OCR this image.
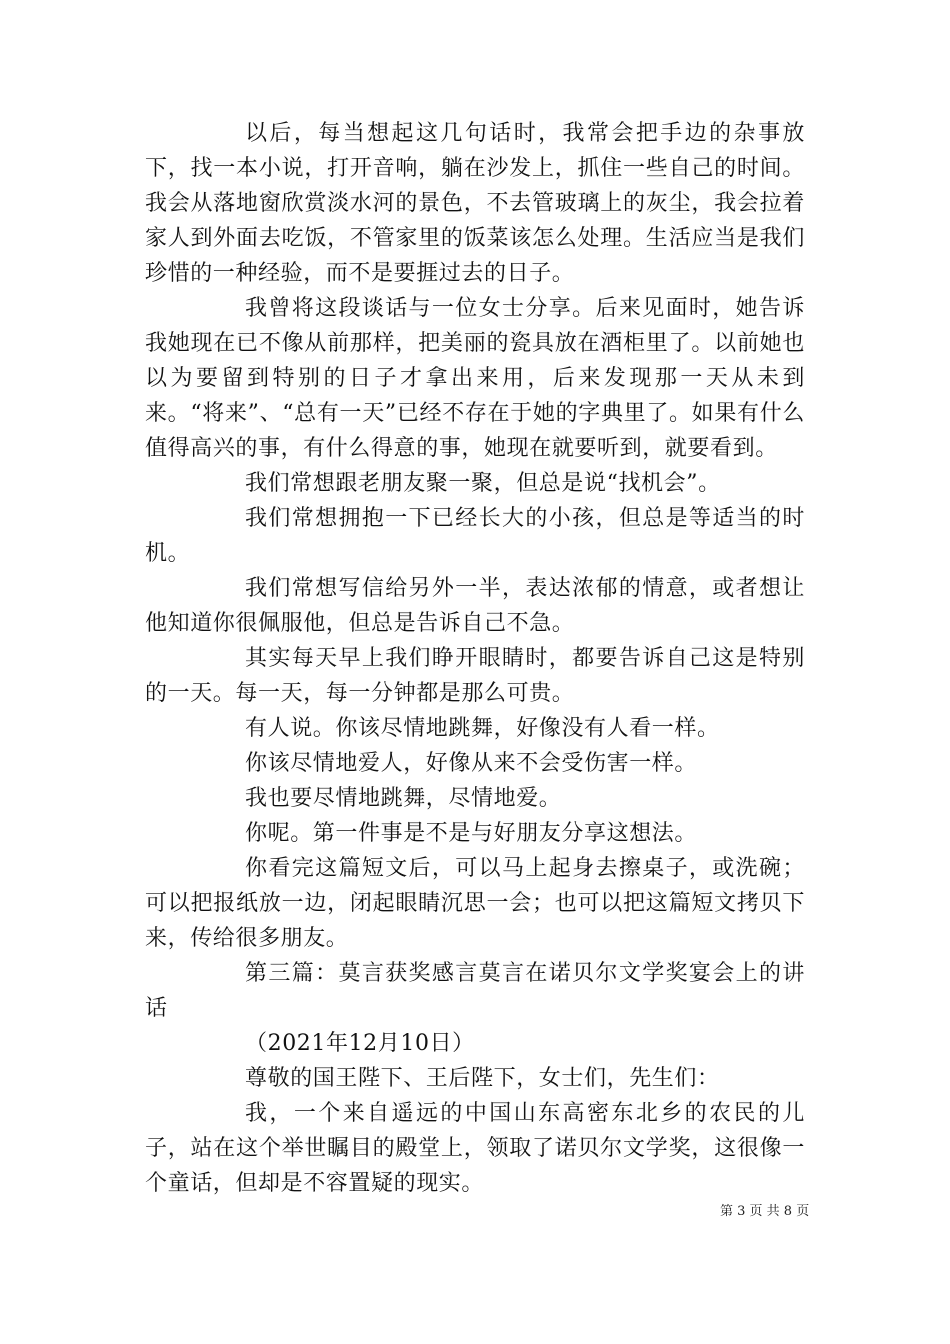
以后，每当想起这几句话时，我常会把手边的杂事放下，找一本小说，打开音响，躺在沙发上，抓住一些自己的时间。我会从落地窗欣赏淡水河的景色，不去管玻璃上的灰尘，我会拉着家人到外面去吃饭，不管家里的饭菜该怎么处理。生活应当是我们珍惜的一种经验，而不是要捱过去的日子。

我曾将这段谈话与一位女士分享。后来见面时，她告诉我她现在已不像从前那样，把美丽的瓷具放在酒柜里了。以前她也以为要留到特别的日子才拿出来用，后来发现那一天从未到来。“将来”、“总有一天”已经不存在于她的字典里了。如果有什么值得高兴的事，有什么得意的事，她现在就要听到，就要看到。

我们常想跟老朋友聚一聚，但总是说“找机会”。

我们常想拥抱一下已经长大的小孩，但总是等适当的时机。

我们常想写信给另外一半，表达浓郁的情意，或者想让他知道你很佩服他，但总是告诉自己不急。

其实每天早上我们睁开眼睛时，都要告诉自己这是特别的一天。每一天，每一分钟都是那么可贵。

有人说。你该尽情地跳舞，好像没有人看一样。

你该尽情地爱人，好像从来不会受伤害一样。

我也要尽情地跳舞，尽情地爱。

你呢。第一件事是不是与好朋友分享这想法。

你看完这篇短文后，可以马上起身去擦桌子，或洗碗；可以把报纸放一边，闭起眼睛沉思一会；也可以把这篇短文拷贝下来，传给很多朋友。

第三篇：莫言获奖感言莫言在诺贝尔文学奖宴会上的讲话

（2021年12月10日）

尊敬的国王陛下、王后陛下，女士们，先生们：

我，一个来自遥远的中国山东高密东北乡的农民的儿子，站在这个举世瞩目的殿堂上，领取了诺贝尔文学奖，这很像一个童话，但却是不容置疑的现实。

第 3 页 共 8 页
